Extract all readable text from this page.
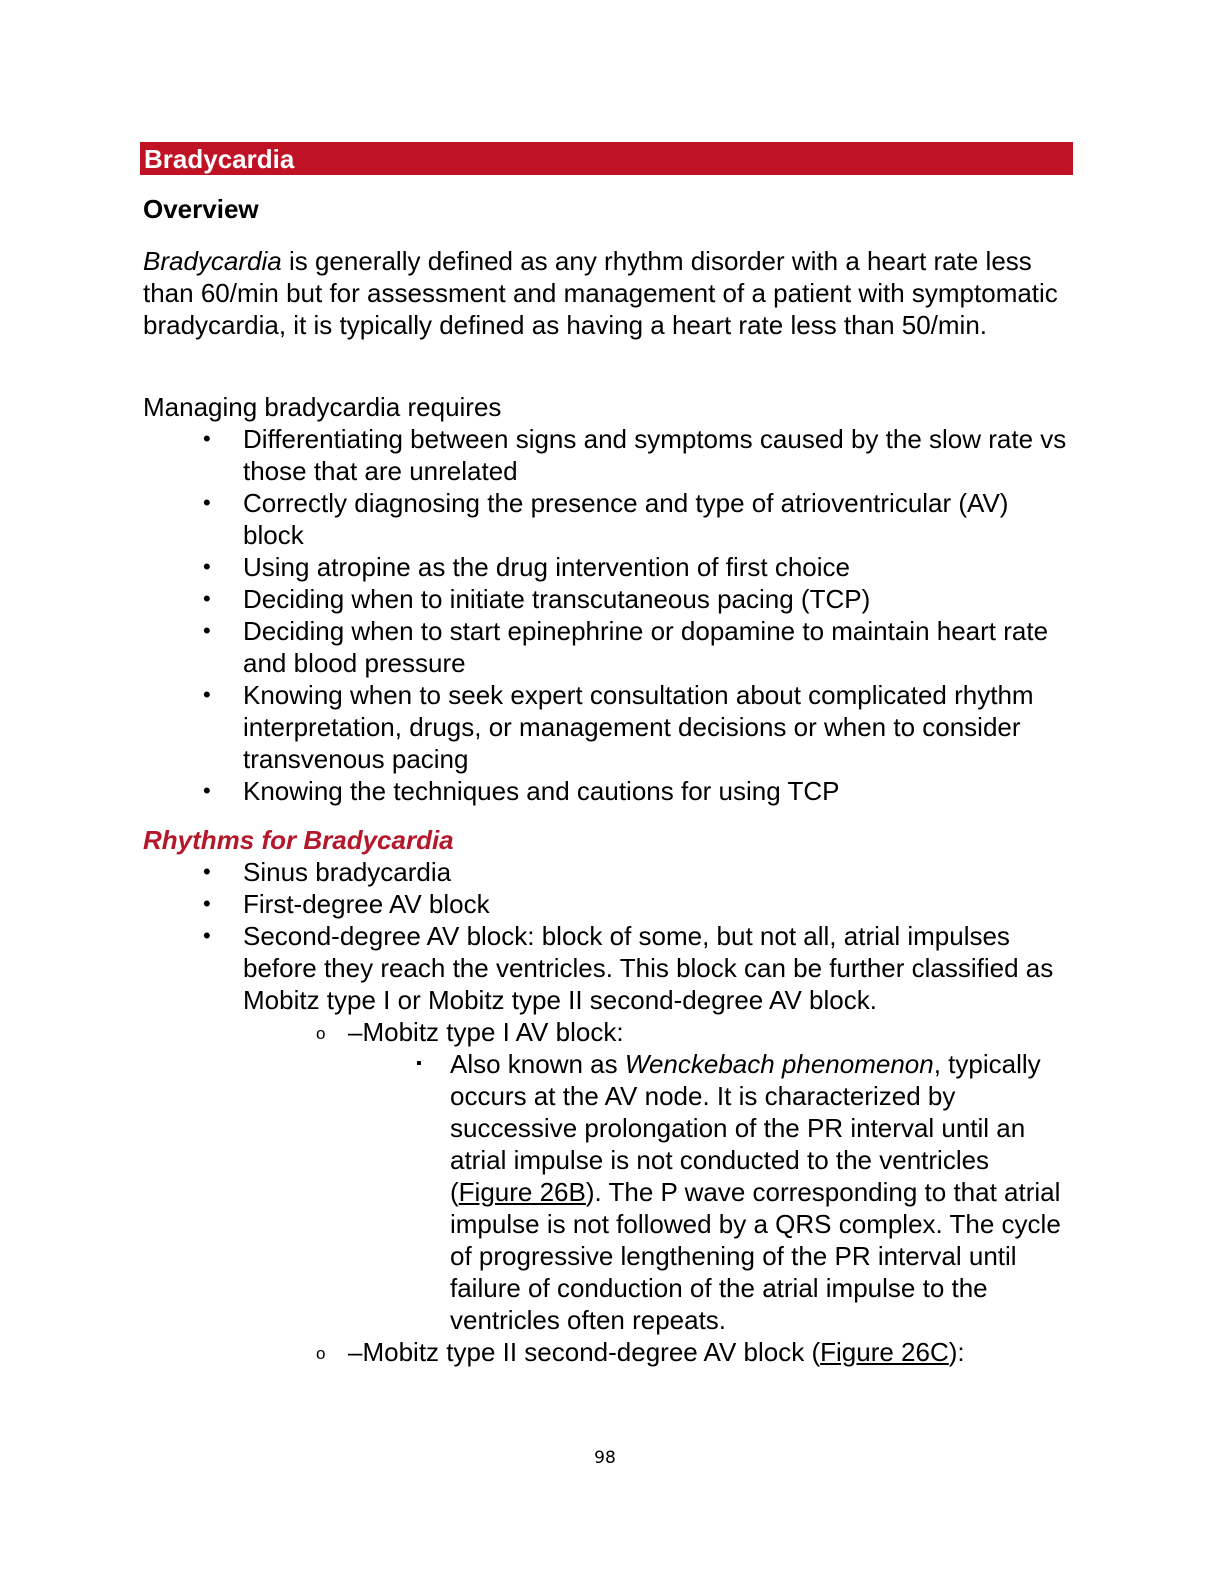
Bradycardia
Overview
Bradycardia is generally defined as any rhythm disorder with a heart rate less than 60/min but for assessment and management of a patient with symptomatic bradycardia, it is typically defined as having a heart rate less than 50/min.
Managing bradycardia requires
• Differentiating between signs and symptoms caused by the slow rate vs those that are unrelated
• Correctly diagnosing the presence and type of atrioventricular (AV) block
• Using atropine as the drug intervention of first choice
• Deciding when to initiate transcutaneous pacing (TCP)
• Deciding when to start epinephrine or dopamine to maintain heart rate and blood pressure
• Knowing when to seek expert consultation about complicated rhythm interpretation, drugs, or management decisions or when to consider transvenous pacing
• Knowing the techniques and cautions for using TCP
Rhythms for Bradycardia
• Sinus bradycardia
• First-degree AV block
• Second-degree AV block: block of some, but not all, atrial impulses before they reach the ventricles. This block can be further classified as Mobitz type I or Mobitz type II second-degree AV block.
o –Mobitz type I AV block:
▪ Also known as Wenckebach phenomenon, typically occurs at the AV node. It is characterized by successive prolongation of the PR interval until an atrial impulse is not conducted to the ventricles (Figure 26B). The P wave corresponding to that atrial impulse is not followed by a QRS complex. The cycle of progressive lengthening of the PR interval until failure of conduction of the atrial impulse to the ventricles often repeats.
o –Mobitz type II second-degree AV block (Figure 26C):
98
